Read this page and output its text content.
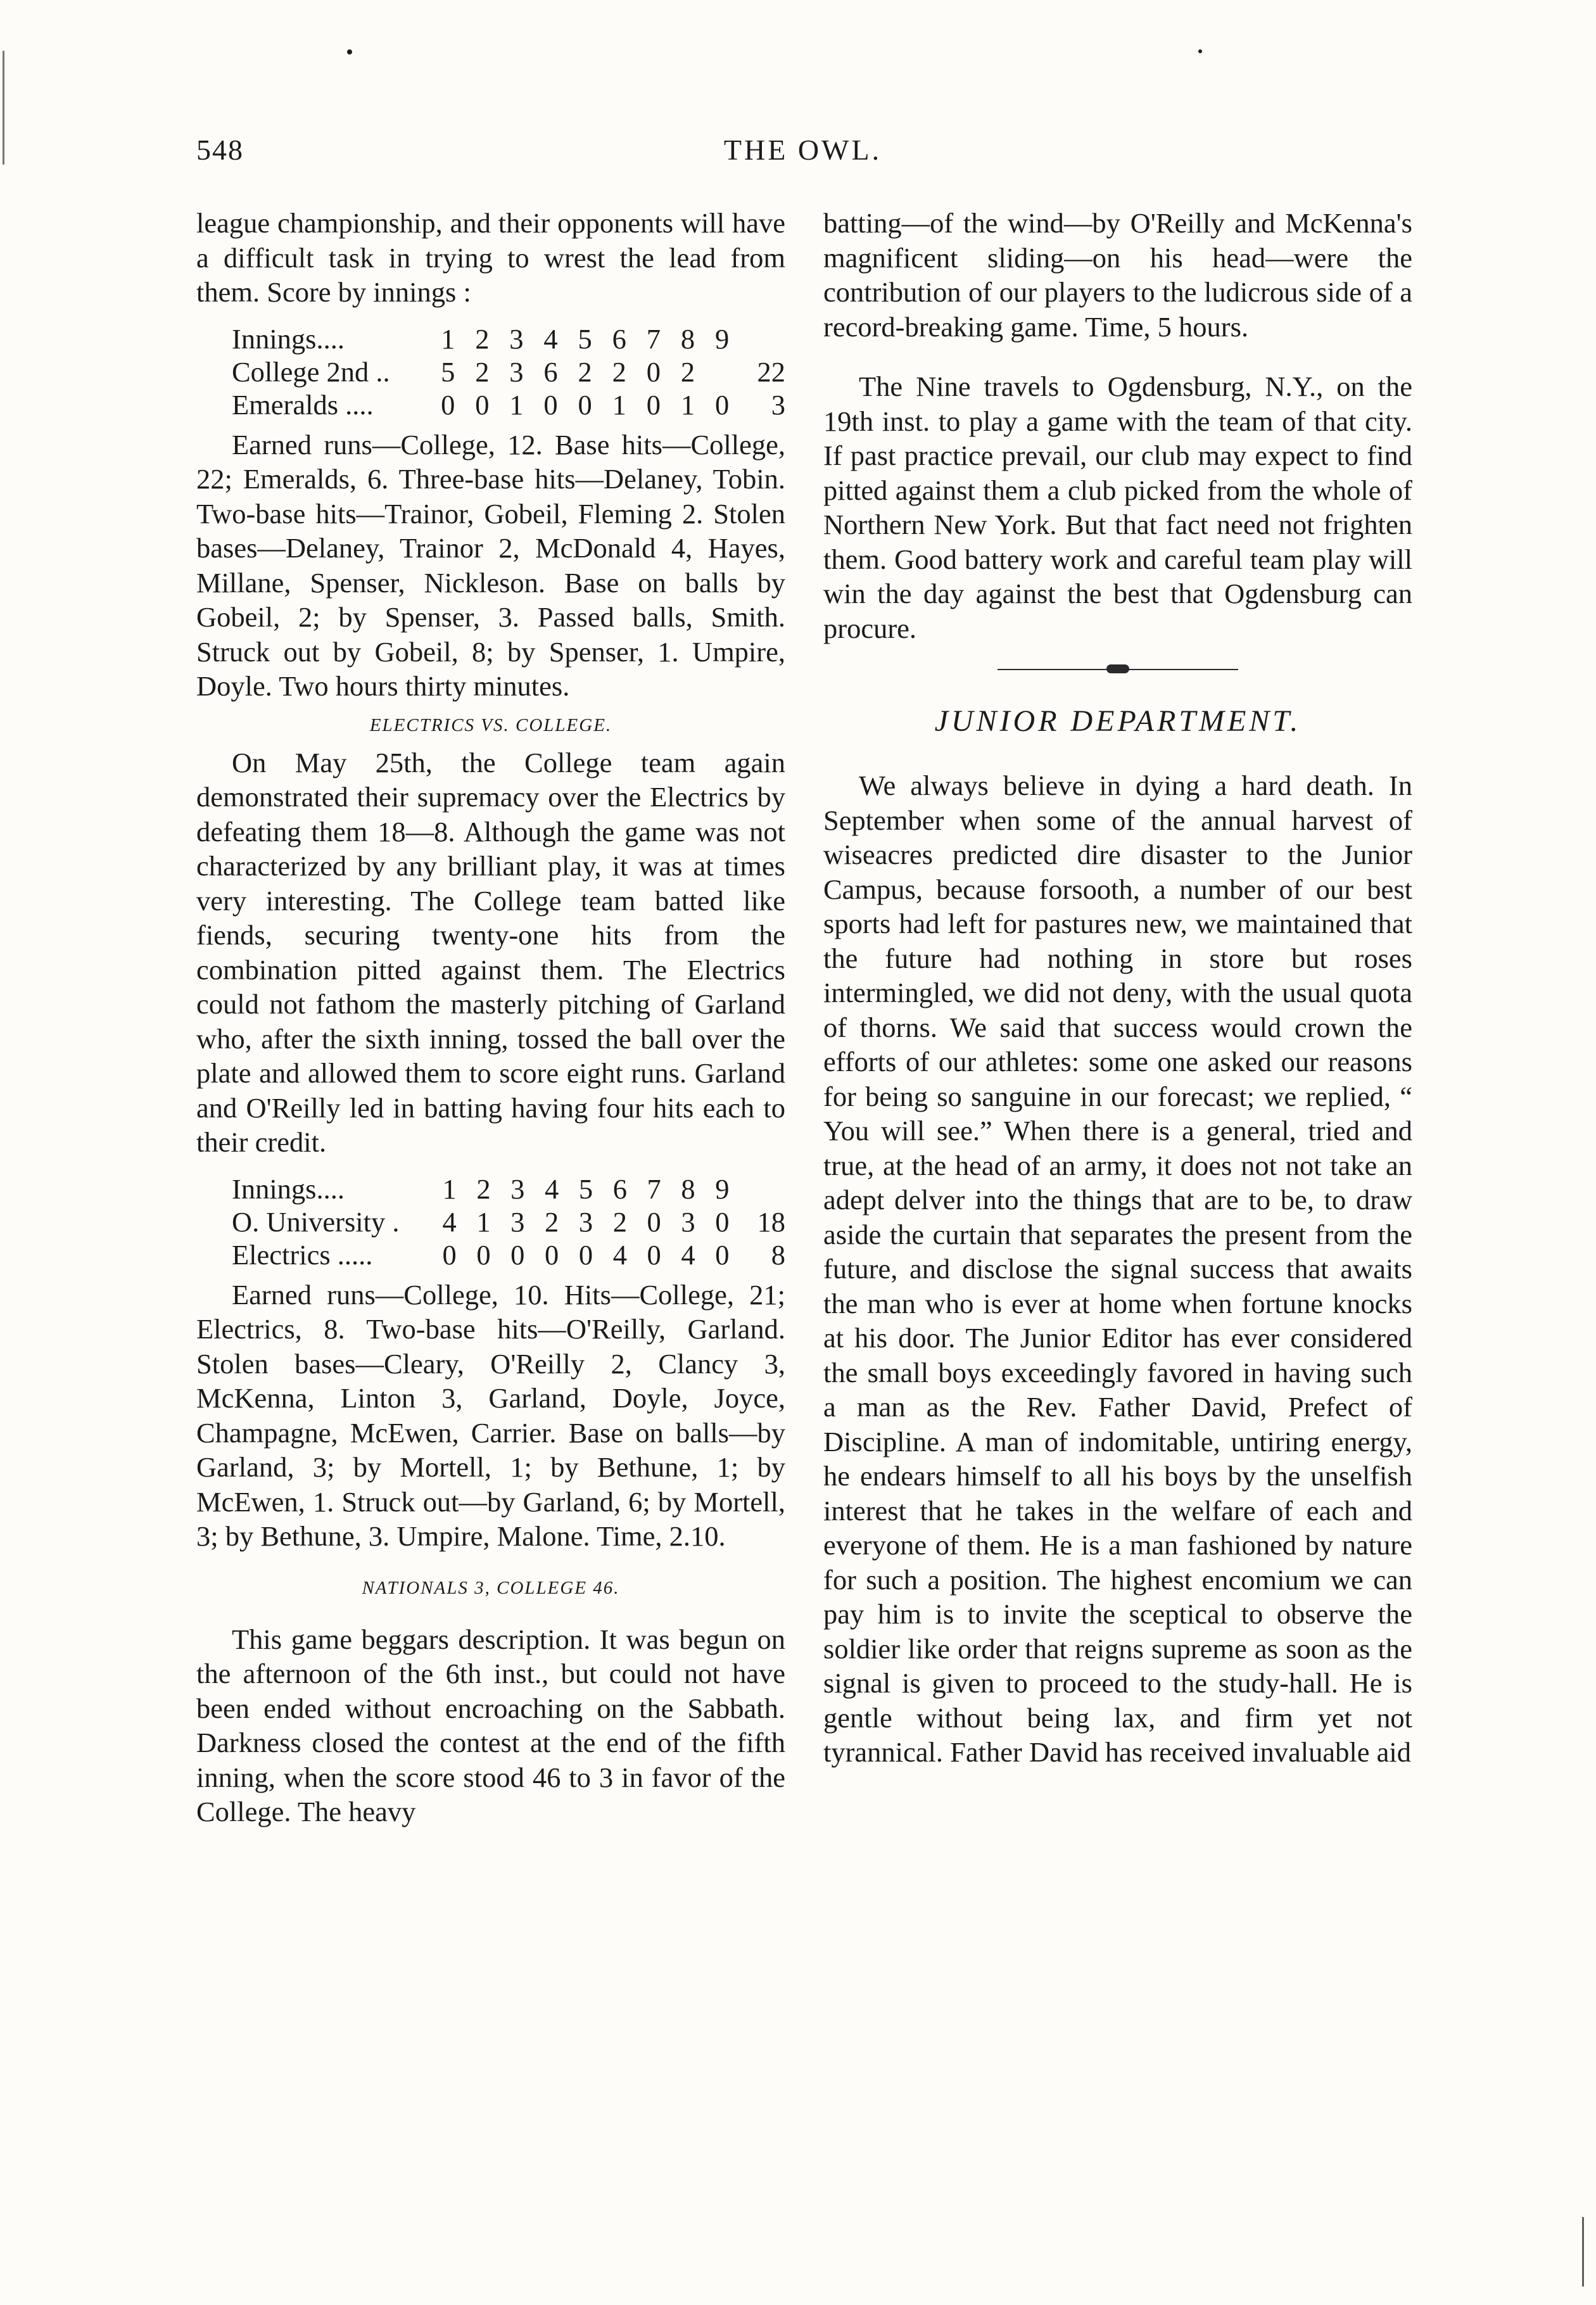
548	THE OWL.

league championship, and their opponents will have a difficult task in trying to wrest the lead from them. Score by innings :

Innings....	1	2	3	4	5	6	7	8	9	
College 2nd ..	5	2	3	6	2	2	0	2		22
Emeralds ....	0	0	1	0	0	1	0	1	0	3

Earned runs—College, 12. Base hits—College, 22; Emeralds, 6. Three-base hits—Delaney, Tobin. Two-base hits—Trainor, Gobeil, Fleming 2. Stolen bases—Delaney, Trainor 2, McDonald 4, Hayes, Millane, Spenser, Nickleson. Base on balls by Gobeil, 2; by Spenser, 3. Passed balls, Smith. Struck out by Gobeil, 8; by Spenser, 1. Umpire, Doyle. Two hours thirty minutes.

ELECTRICS VS. COLLEGE.

On May 25th, the College team again demonstrated their supremacy over the Electrics by defeating them 18—8. Although the game was not characterized by any brilliant play, it was at times very interesting. The College team batted like fiends, securing twenty-one hits from the combination pitted against them. The Electrics could not fathom the masterly pitching of Garland who, after the sixth inning, tossed the ball over the plate and allowed them to score eight runs. Garland and O'Reilly led in batting having four hits each to their credit.

Innings....	1	2	3	4	5	6	7	8	9	
O. University .	4	1	3	2	3	2	0	3	0	18
Electrics .....	0	0	0	0	0	4	0	4	0	8

Earned runs—College, 10. Hits—College, 21; Electrics, 8. Two-base hits—O'Reilly, Garland. Stolen bases—Cleary, O'Reilly 2, Clancy 3, McKenna, Linton 3, Garland, Doyle, Joyce, Champagne, McEwen, Carrier. Base on balls—by Garland, 3; by Mortell, 1; by Bethune, 1; by McEwen, 1. Struck out—by Garland, 6; by Mortell, 3; by Bethune, 3. Umpire, Malone. Time, 2.10.

NATIONALS 3, COLLEGE 46.

This game beggars description. It was begun on the afternoon of the 6th inst., but could not have been ended without encroaching on the Sabbath. Darkness closed the contest at the end of the fifth inning, when the score stood 46 to 3 in favor of the College. The heavy

batting—of the wind—by O'Reilly and McKenna's magnificent sliding—on his head—were the contribution of our players to the ludicrous side of a record-breaking game. Time, 5 hours.

The Nine travels to Ogdensburg, N.Y., on the 19th inst. to play a game with the team of that city. If past practice prevail, our club may expect to find pitted against them a club picked from the whole of Northern New York. But that fact need not frighten them. Good battery work and careful team play will win the day against the best that Ogdensburg can procure.

JUNIOR DEPARTMENT.

We always believe in dying a hard death. In September when some of the annual harvest of wiseacres predicted dire disaster to the Junior Campus, because forsooth, a number of our best sports had left for pastures new, we maintained that the future had nothing in store but roses intermingled, we did not deny, with the usual quota of thorns. We said that success would crown the efforts of our athletes: some one asked our reasons for being so sanguine in our forecast; we replied, “ You will see.” When there is a general, tried and true, at the head of an army, it does not not take an adept delver into the things that are to be, to draw aside the curtain that separates the present from the future, and disclose the signal success that awaits the man who is ever at home when fortune knocks at his door. The Junior Editor has ever considered the small boys exceedingly favored in having such a man as the Rev. Father David, Prefect of Discipline. A man of indomitable, untiring energy, he endears himself to all his boys by the unselfish interest that he takes in the welfare of each and everyone of them. He is a man fashioned by nature for such a position. The highest encomium we can pay him is to invite the sceptical to observe the soldier like order that reigns supreme as soon as the signal is given to proceed to the study-hall. He is gentle without being lax, and firm yet not tyrannical. Father David has received invaluable aid
